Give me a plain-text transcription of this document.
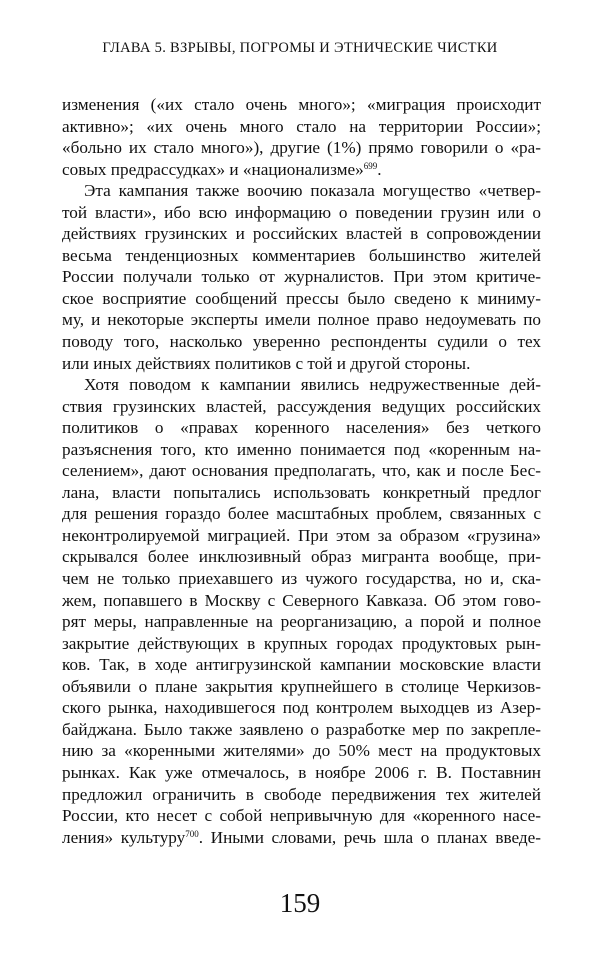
ГЛАВА 5. ВЗРЫВЫ, ПОГРОМЫ И ЭТНИЧЕСКИЕ ЧИСТКИ
изменения («их стало очень много»; «миграция происходит
активно»; «их очень много стало на территории России»;
«больно их стало много»), другие (1%) прямо говорили о «ра-
совых предрассудках» и «национализме»$^{699}$.
Эта кампания также воочию показала могущество «четвер-
той власти», ибо всю информацию о поведении грузин или о
действиях грузинских и российских властей в сопровождении
весьма тенденциозных комментариев большинство жителей
России получали только от журналистов. При этом критиче-
ское восприятие сообщений прессы было сведено к миниму-
му, и некоторые эксперты имели полное право недоумевать по
поводу того, насколько уверенно респонденты судили о тех
или иных действиях политиков с той и другой стороны.
Хотя поводом к кампании явились недружественные дей-
ствия грузинских властей, рассуждения ведущих российских
политиков о «правах коренного населения» без четкого
разъяснения того, кто именно понимается под «коренным на-
селением», дают основания предполагать, что, как и после Бес-
лана, власти попытались использовать конкретный предлог
для решения гораздо более масштабных проблем, связанных с
неконтролируемой миграцией. При этом за образом «грузина»
скрывался более инклюзивный образ мигранта вообще, при-
чем не только приехавшего из чужого государства, но и, ска-
жем, попавшего в Москву с Северного Кавказа. Об этом гово-
рят меры, направленные на реорганизацию, а порой и полное
закрытие действующих в крупных городах продуктовых рын-
ков. Так, в ходе антигрузинской кампании московские власти
объявили о плане закрытия крупнейшего в столице Черкизов-
ского рынка, находившегося под контролем выходцев из Азер-
байджана. Было также заявлено о разработке мер по закрепле-
нию за «коренными жителями» до 50% мест на продуктовых
рынках. Как уже отмечалось, в ноябре 2006 г. В. Поставнин
предложил ограничить в свободе передвижения тех жителей
России, кто несет с собой непривычную для «коренного насе-
ления» культуру$^{700}$. Иными словами, речь шла о планах введе-
159
